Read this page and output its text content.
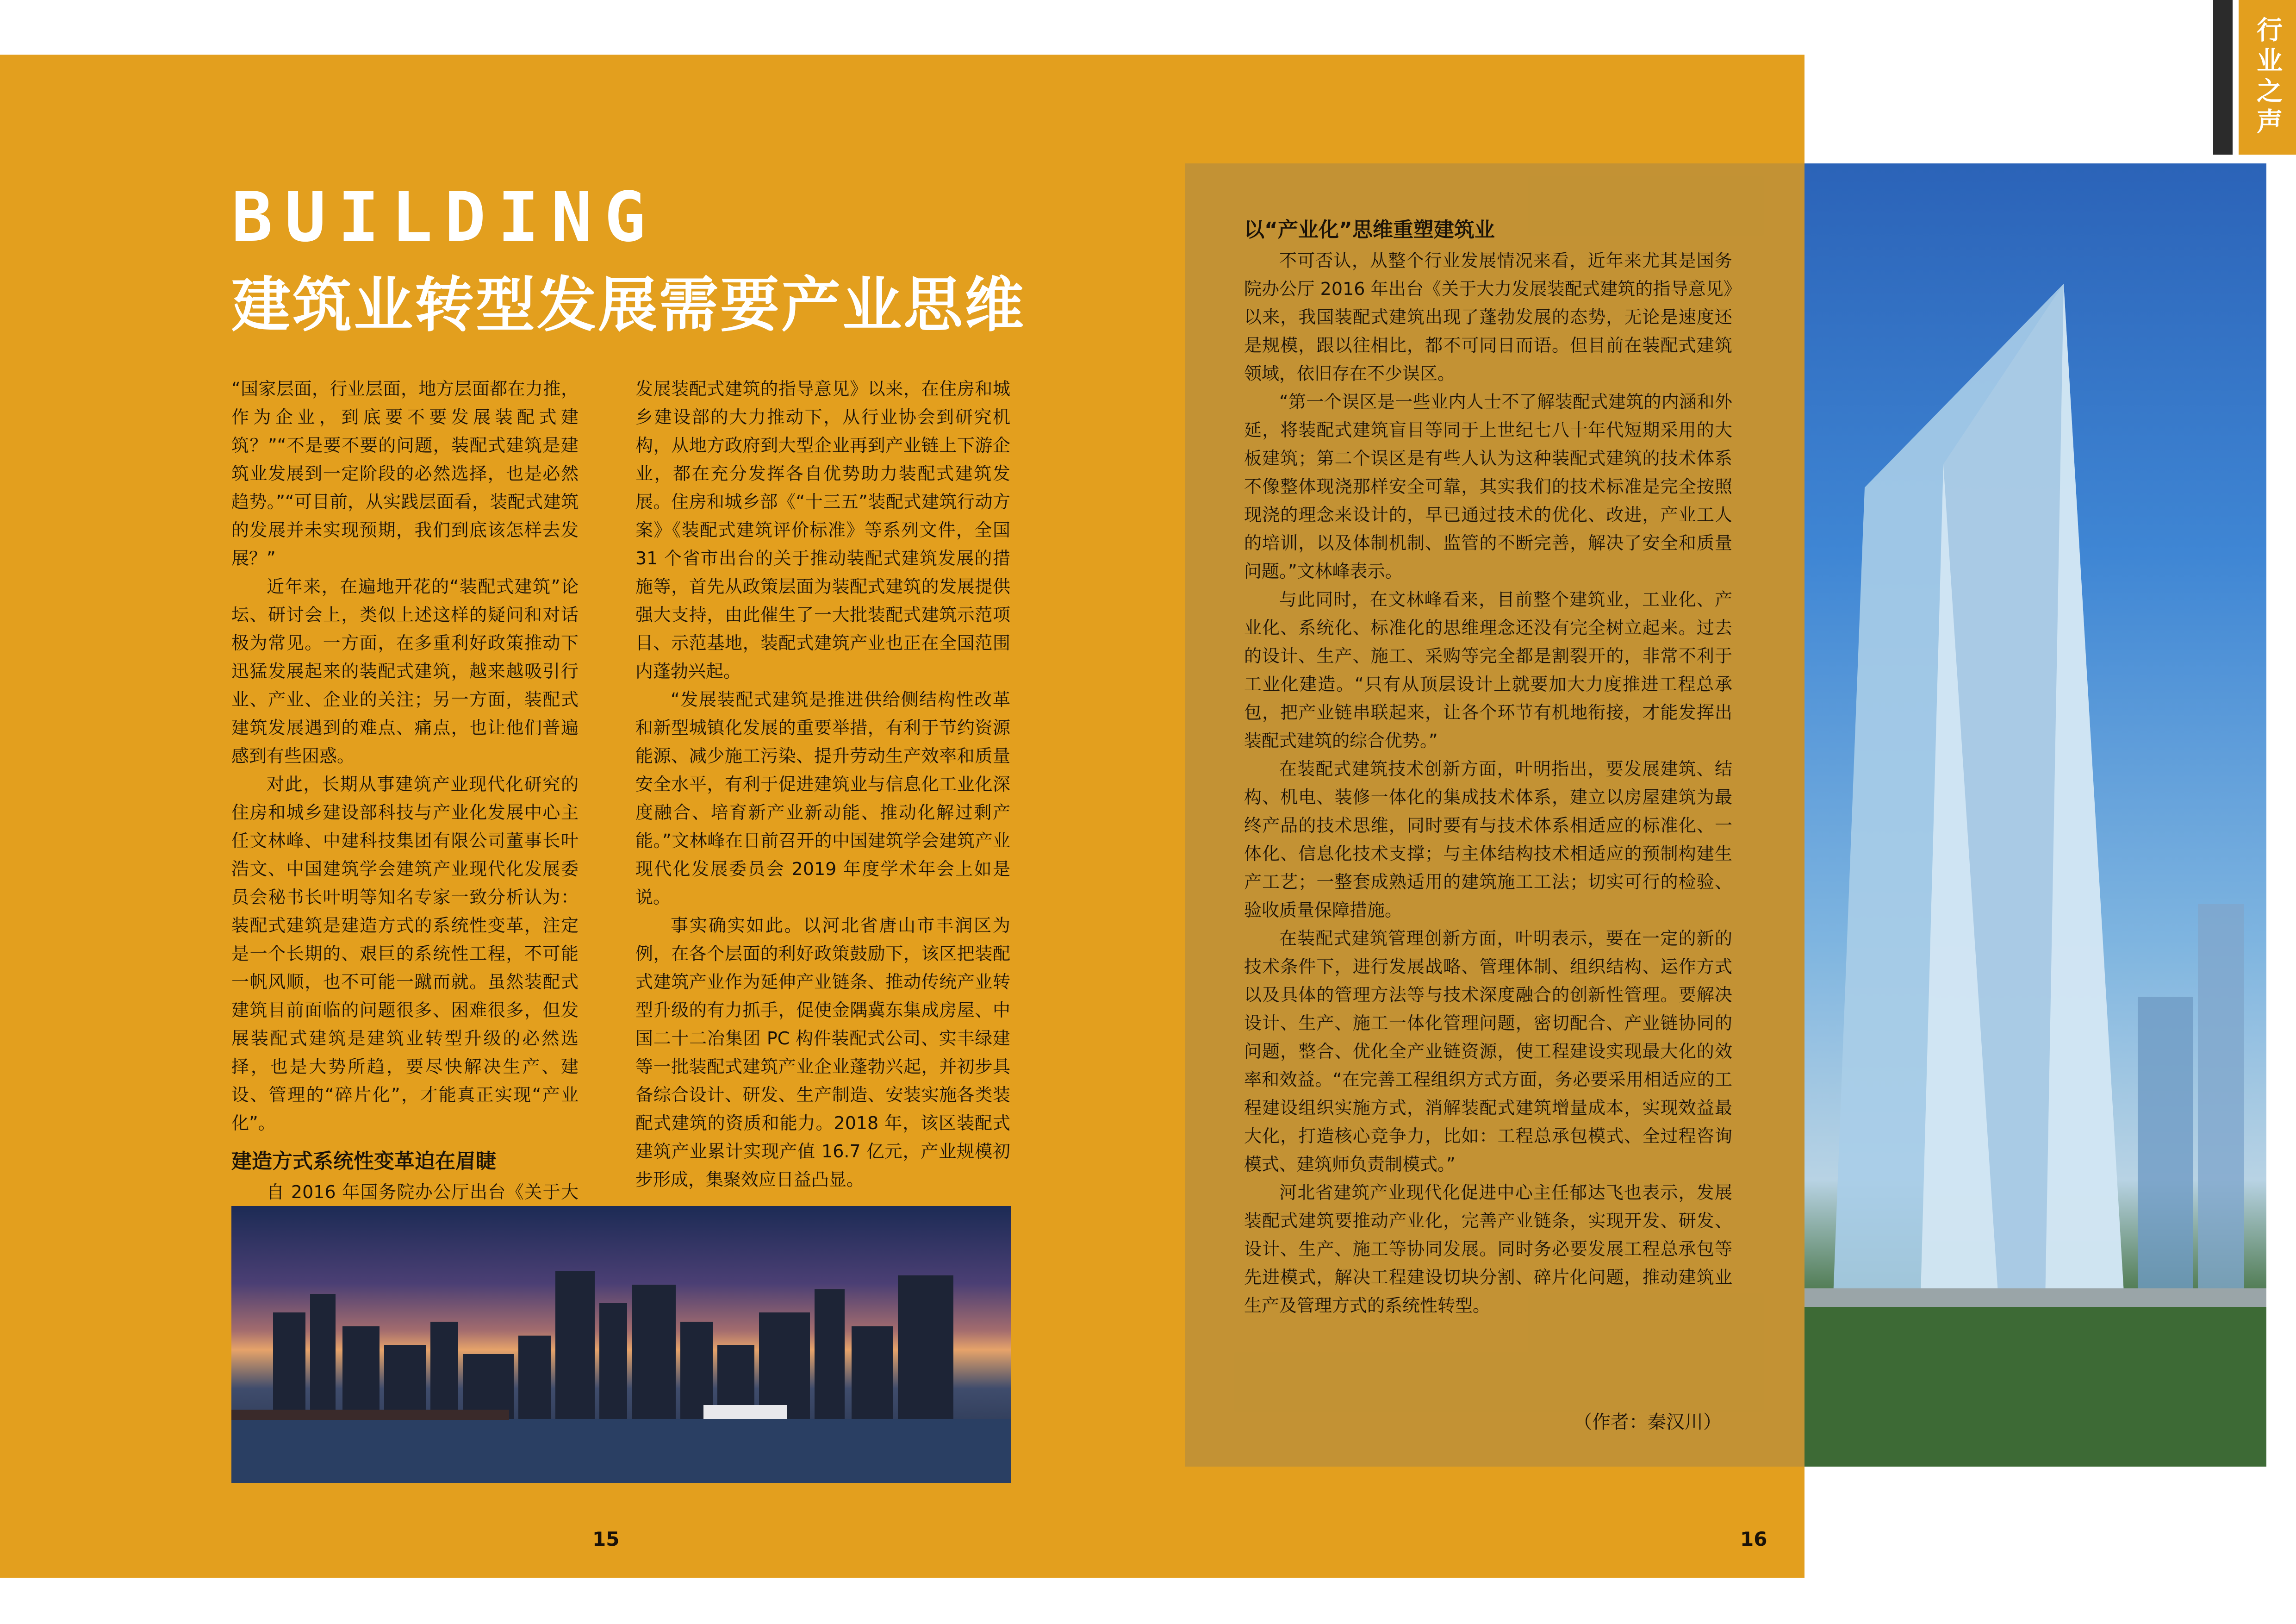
行业之声
BUILDING
建筑业转型发展需要产业思维

“国家层面，行业层面，地方层面都在力推，作为企业，到底要不要发展装配式建筑？”“不是要不要的问题，装配式建筑是建筑业发展到一定阶段的必然选择，也是必然趋势。”“可目前，从实践层面看，装配式建筑的发展并未实现预期，我们到底该怎样去发展？”

近年来，在遍地开花的“装配式建筑”论坛、研讨会上，类似上述这样的疑问和对话极为常见。一方面，在多重利好政策推动下迅猛发展起来的装配式建筑，越来越吸引行业、产业、企业的关注；另一方面，装配式建筑发展遇到的难点、痛点，也让他们普遍感到有些困惑。

对此，长期从事建筑产业现代化研究的住房和城乡建设部科技与产业化发展中心主任文林峰、中建科技集团有限公司董事长叶浩文、中国建筑学会建筑产业现代化发展委员会秘书长叶明等知名专家一致分析认为：装配式建筑是建造方式的系统性变革，注定是一个长期的、艰巨的系统性工程，不可能一帆风顺，也不可能一蹴而就。虽然装配式建筑目前面临的问题很多、困难很多，但发展装配式建筑是建筑业转型升级的必然选择，也是大势所趋，要尽快解决生产、建设、管理的“碎片化”，才能真正实现“产业化”。

建造方式系统性变革迫在眉睫

自 2016 年国务院办公厅出台《关于大

发展装配式建筑的指导意见》以来，在住房和城乡建设部的大力推动下，从行业协会到研究机构，从地方政府到大型企业再到产业链上下游企业，都在充分发挥各自优势助力装配式建筑发展。住房和城乡部《“十三五”装配式建筑行动方案》《装配式建筑评价标准》等系列文件，全国 31 个省市出台的关于推动装配式建筑发展的措施等，首先从政策层面为装配式建筑的发展提供强大支持，由此催生了一大批装配式建筑示范项目、示范基地，装配式建筑产业也正在全国范围内蓬勃兴起。

“发展装配式建筑是推进供给侧结构性改革和新型城镇化发展的重要举措，有利于节约资源能源、减少施工污染、提升劳动生产效率和质量安全水平，有利于促进建筑业与信息化工业化深度融合、培育新产业新动能、推动化解过剩产能。”文林峰在日前召开的中国建筑学会建筑产业现代化发展委员会 2019 年度学术年会上如是说。

事实确实如此。以河北省唐山市丰润区为例，在各个层面的利好政策鼓励下，该区把装配式建筑产业作为延伸产业链条、推动传统产业转型升级的有力抓手，促使金隅冀东集成房屋、中国二十二冶集团 PC 构件装配式公司、实丰绿建等一批装配式建筑产业企业蓬勃兴起，并初步具备综合设计、研发、生产制造、安装实施各类装配式建筑的资质和能力。2018 年，该区装配式建筑产业累计实现产值 16.7 亿元，产业规模初步形成，集聚效应日益凸显。

以“产业化”思维重塑建筑业

不可否认，从整个行业发展情况来看，近年来尤其是国务院办公厅 2016 年出台《关于大力发展装配式建筑的指导意见》以来，我国装配式建筑出现了蓬勃发展的态势，无论是速度还是规模，跟以往相比，都不可同日而语。但目前在装配式建筑领域，依旧存在不少误区。

“第一个误区是一些业内人士不了解装配式建筑的内涵和外延，将装配式建筑盲目等同于上世纪七八十年代短期采用的大板建筑；第二个误区是有些人认为这种装配式建筑的技术体系不像整体现浇那样安全可靠，其实我们的技术标准是完全按照现浇的理念来设计的，早已通过技术的优化、改进，产业工人的培训，以及体制机制、监管的不断完善，解决了安全和质量问题。”文林峰表示。

与此同时，在文林峰看来，目前整个建筑业，工业化、产业化、系统化、标准化的思维理念还没有完全树立起来。过去的设计、生产、施工、采购等完全都是割裂开的，非常不利于工业化建造。“只有从顶层设计上就要加大力度推进工程总承包，把产业链串联起来，让各个环节有机地衔接，才能发挥出装配式建筑的综合优势。”

在装配式建筑技术创新方面，叶明指出，要发展建筑、结构、机电、装修一体化的集成技术体系，建立以房屋建筑为最终产品的技术思维，同时要有与技术体系相适应的标准化、一体化、信息化技术支撑；与主体结构技术相适应的预制构建生产工艺；一整套成熟适用的建筑施工工法；切实可行的检验、验收质量保障措施。

在装配式建筑管理创新方面，叶明表示，要在一定的新的技术条件下，进行发展战略、管理体制、组织结构、运作方式以及具体的管理方法等与技术深度融合的创新性管理。要解决设计、生产、施工一体化管理问题，密切配合、产业链协同的问题，整合、优化全产业链资源，使工程建设实现最大化的效率和效益。“在完善工程组织方式方面，务必要采用相适应的工程建设组织实施方式，消解装配式建筑增量成本，实现效益最大化，打造核心竞争力，比如：工程总承包模式、全过程咨询模式、建筑师负责制模式。”

河北省建筑产业现代化促进中心主任郁达飞也表示，发展装配式建筑要推动产业化，完善产业链条，实现开发、研发、设计、生产、施工等协同发展。同时务必要发展工程总承包等先进模式，解决工程建设切块分割、碎片化问题，推动建筑业生产及管理方式的系统性转型。

（作者：秦汉川）
15	16
